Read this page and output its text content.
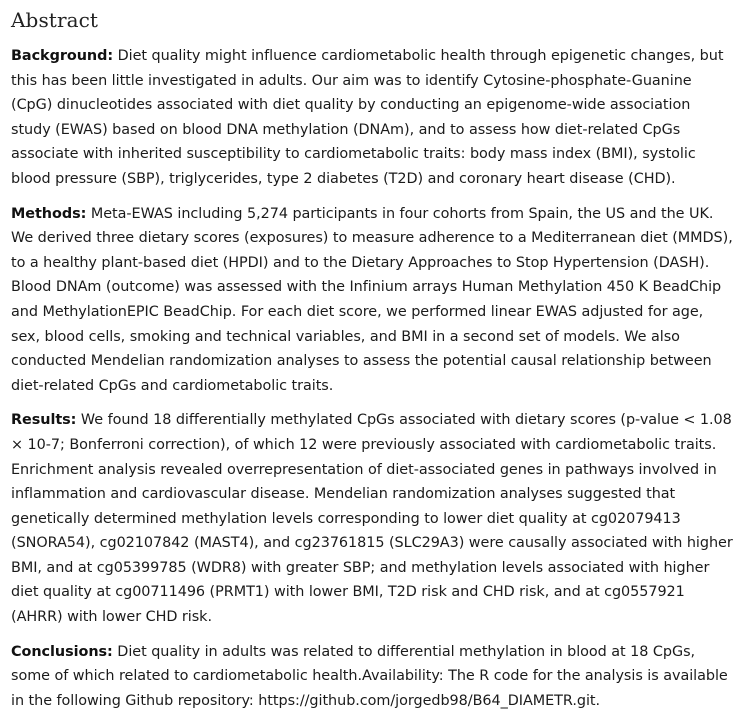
Abstract

Background: Diet quality might influence cardiometabolic health through epigenetic changes, but this has been little investigated in adults. Our aim was to identify Cytosine-phosphate-Guanine (CpG) dinucleotides associated with diet quality by conducting an epigenome-wide association study (EWAS) based on blood DNA methylation (DNAm), and to assess how diet-related CpGs associate with inherited susceptibility to cardiometabolic traits: body mass index (BMI), systolic blood pressure (SBP), triglycerides, type 2 diabetes (T2D) and coronary heart disease (CHD).

Methods: Meta-EWAS including 5,274 participants in four cohorts from Spain, the US and the UK. We derived three dietary scores (exposures) to measure adherence to a Mediterranean diet (MMDS), to a healthy plant-based diet (HPDI) and to the Dietary Approaches to Stop Hypertension (DASH). Blood DNAm (outcome) was assessed with the Infinium arrays Human Methylation 450 K BeadChip and MethylationEPIC BeadChip. For each diet score, we performed linear EWAS adjusted for age, sex, blood cells, smoking and technical variables, and BMI in a second set of models. We also conducted Mendelian randomization analyses to assess the potential causal relationship between diet-related CpGs and cardiometabolic traits.

Results: We found 18 differentially methylated CpGs associated with dietary scores (p-value < 1.08 × 10-7; Bonferroni correction), of which 12 were previously associated with cardiometabolic traits. Enrichment analysis revealed overrepresentation of diet-associated genes in pathways involved in inflammation and cardiovascular disease. Mendelian randomization analyses suggested that genetically determined methylation levels corresponding to lower diet quality at cg02079413 (SNORA54), cg02107842 (MAST4), and cg23761815 (SLC29A3) were causally associated with higher BMI, and at cg05399785 (WDR8) with greater SBP; and methylation levels associated with higher diet quality at cg00711496 (PRMT1) with lower BMI, T2D risk and CHD risk, and at cg0557921 (AHRR) with lower CHD risk.

Conclusions: Diet quality in adults was related to differential methylation in blood at 18 CpGs, some of which related to cardiometabolic health.Availability: The R code for the analysis is available in the following Github repository: https://github.com/jorgedb98/B64_DIAMETR.git.
